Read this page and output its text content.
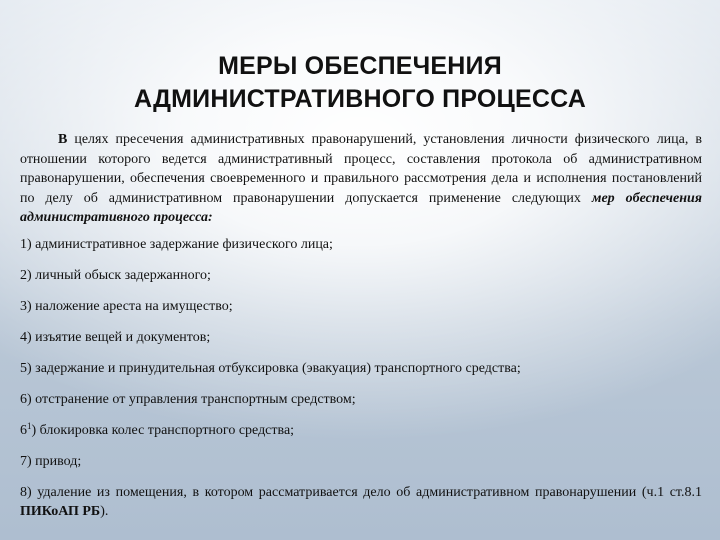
МЕРЫ ОБЕСПЕЧЕНИЯ
АДМИНИСТРАТИВНОГО ПРОЦЕССА

В целях пресечения административных правонарушений, установления личности физического лица, в отношении которого ведется административный процесс, составления протокола об административном правонарушении, обеспечения своевременного и правильного рассмотрения дела и исполнения постановлений по делу об административном правонарушении допускается применение следующих мер обеспечения административного процесса:

1) административное задержание физического лица;
2) личный обыск задержанного;
3) наложение ареста на имущество;
4) изъятие вещей и документов;
5) задержание и принудительная отбуксировка (эвакуация) транспортного средства;
6) отстранение от управления транспортным средством;
$6^1$) блокировка колес транспортного средства;
7) привод;
8) удаление из помещения, в котором рассматривается дело об административном правонарушении (ч.1 ст.8.1 ПИКоАП РБ).
